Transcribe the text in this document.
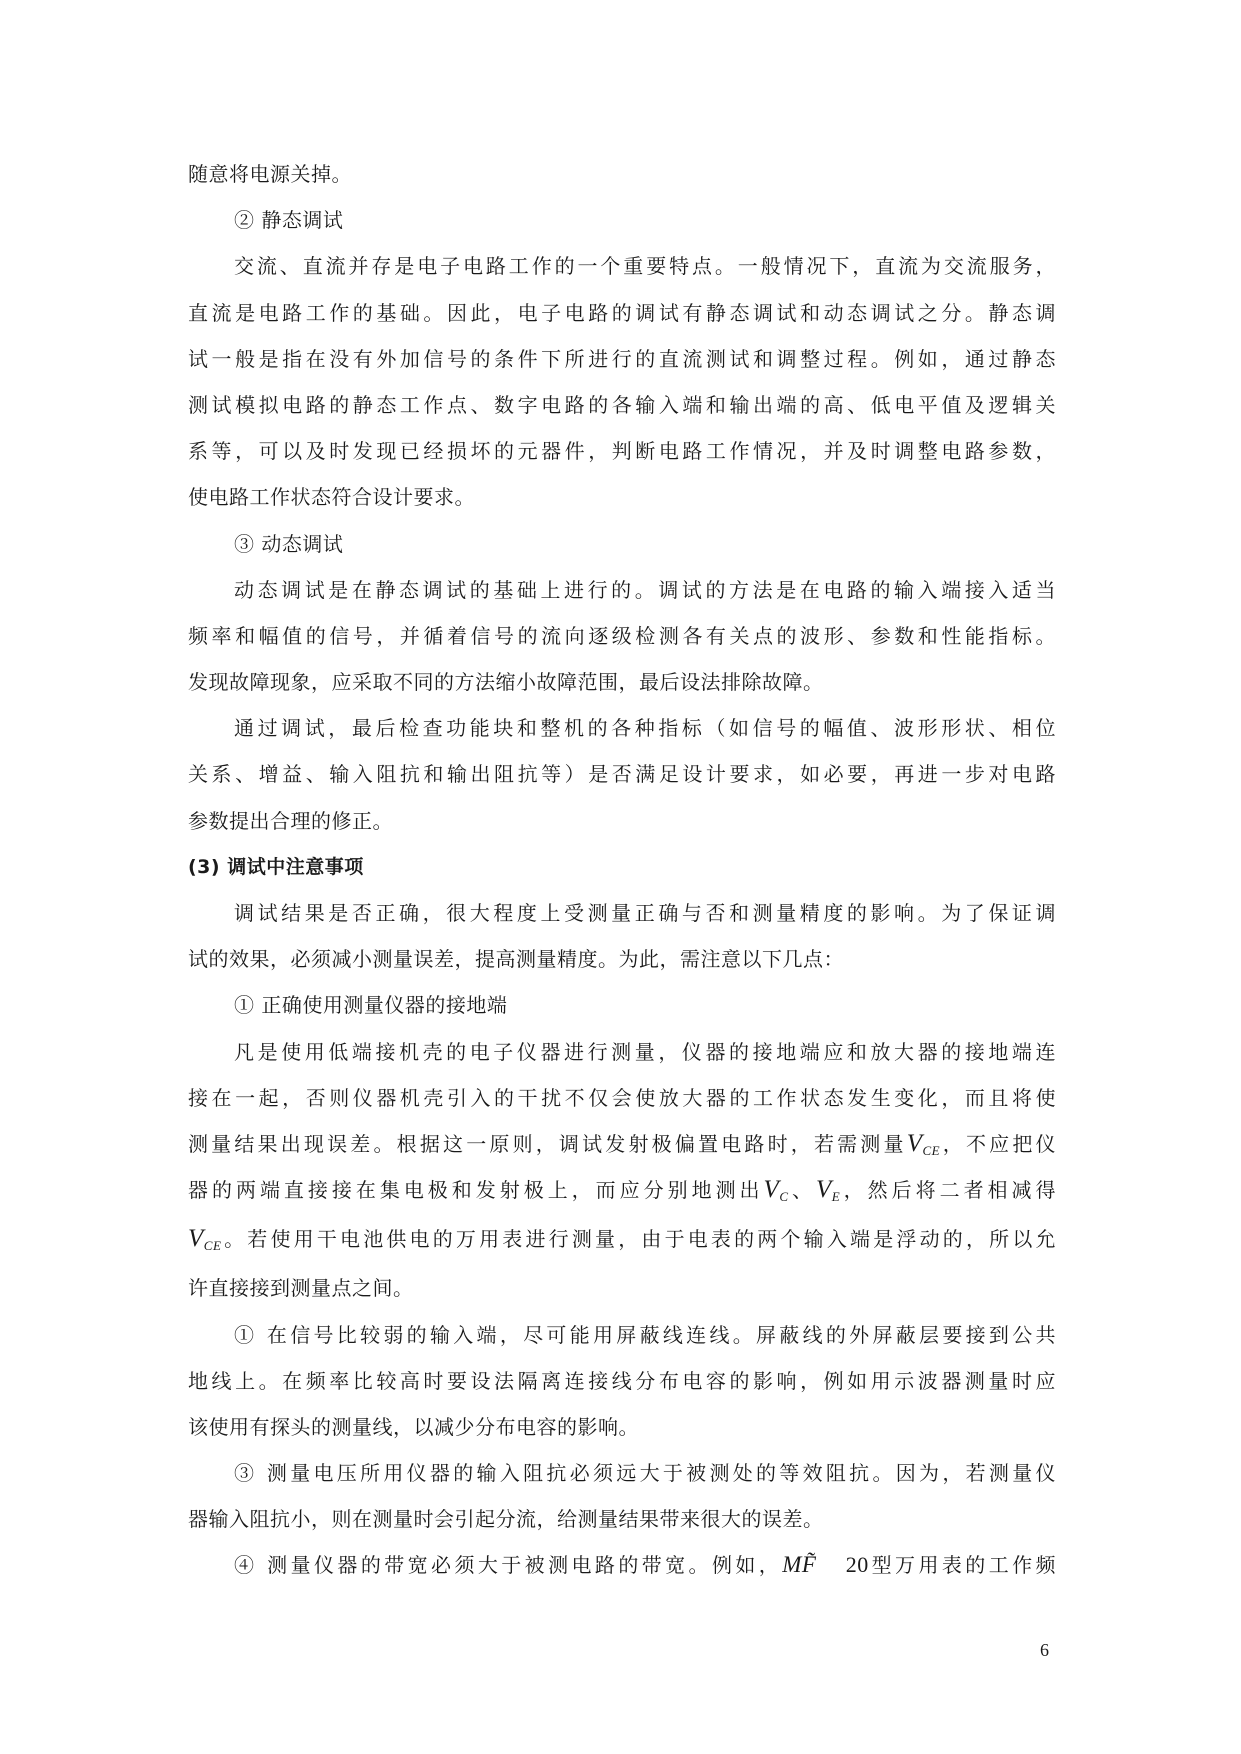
随意将电源关掉。
② 静态调试
交流、直流并存是电子电路工作的一个重要特点。一般情况下，直流为交流服务，
直流是电路工作的基础。因此，电子电路的调试有静态调试和动态调试之分。静态调
试一般是指在没有外加信号的条件下所进行的直流测试和调整过程。例如，通过静态
测试模拟电路的静态工作点、数字电路的各输入端和输出端的高、低电平值及逻辑关
系等，可以及时发现已经损坏的元器件，判断电路工作情况，并及时调整电路参数，
使电路工作状态符合设计要求。
③ 动态调试
动态调试是在静态调试的基础上进行的。调试的方法是在电路的输入端接入适当
频率和幅值的信号，并循着信号的流向逐级检测各有关点的波形、参数和性能指标。
发现故障现象，应采取不同的方法缩小故障范围，最后设法排除故障。
通过调试，最后检查功能块和整机的各种指标（如信号的幅值、波形形状、相位
关系、增益、输入阻抗和输出阻抗等）是否满足设计要求，如必要，再进一步对电路
参数提出合理的修正。
(3) 调试中注意事项
调试结果是否正确，很大程度上受测量正确与否和测量精度的影响。为了保证调
试的效果，必须减小测量误差，提高测量精度。为此，需注意以下几点：
① 正确使用测量仪器的接地端
凡是使用低端接机壳的电子仪器进行测量，仪器的接地端应和放大器的接地端连
接在一起，否则仪器机壳引入的干扰不仅会使放大器的工作状态发生变化，而且将使
测量结果出现误差。根据这一原则，调试发射极偏置电路时，若需测量$V_{CE}$，不应把仪
器的两端直接接在集电极和发射极上，而应分别地测出$V_C$、$V_E$，然后将二者相减得
$V_{CE}$。若使用干电池供电的万用表进行测量，由于电表的两个输入端是浮动的，所以允
许直接接到测量点之间。
① 在信号比较弱的输入端，尽可能用屏蔽线连线。屏蔽线的外屏蔽层要接到公共
地线上。在频率比较高时要设法隔离连接线分布电容的影响，例如用示波器测量时应
该使用有探头的测量线，以减少分布电容的影响。
③ 测量电压所用仪器的输入阻抗必须远大于被测处的等效阻抗。因为，若测量仪
器输入阻抗小，则在测量时会引起分流，给测量结果带来很大的误差。
④ 测量仪器的带宽必须大于被测电路的带宽。例如，MF̃ 20型万用表的工作频
6
